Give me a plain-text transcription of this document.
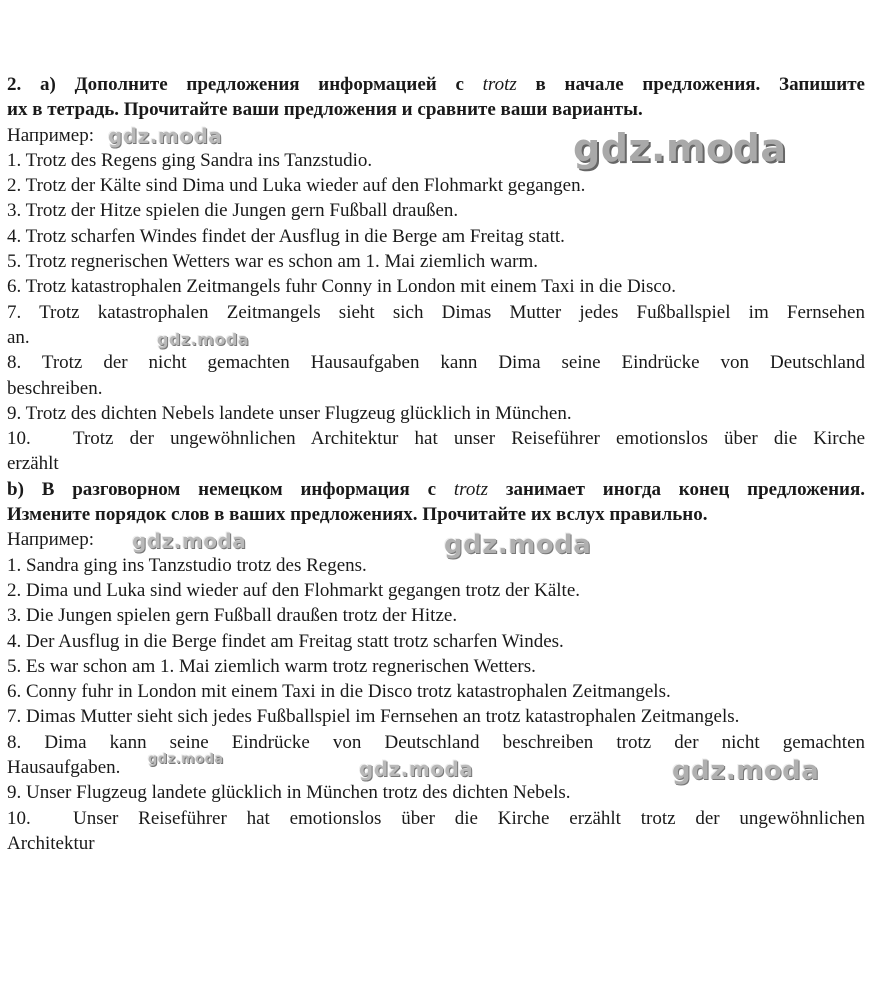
2. а) Дополните предложения информацией с trotz в начале предложения. Запишите
их в тетрадь. Прочитайте ваши предложения и сравните ваши варианты.
Например:
1. Trotz des Regens ging Sandra ins Tanzstudio.
2. Trotz der Kälte sind Dima und Luka wieder auf den Flohmarkt gegangen.
3. Trotz der Hitze spielen die Jungen gern Fußball draußen.
4. Trotz scharfen Windes findet der Ausflug in die Berge am Freitag statt.
5. Trotz regnerischen Wetters war es schon am 1. Mai ziemlich warm.
6. Trotz katastrophalen Zeitmangels fuhr Conny in London mit einem Taxi in die Disco.
7. Trotz katastrophalen Zeitmangels sieht sich Dimas Mutter jedes Fußballspiel im Fernsehen
an.
8. Trotz der nicht gemachten Hausaufgaben kann Dima seine Eindrücke von Deutschland
beschreiben.
9. Trotz des dichten Nebels landete unser Flugzeug glücklich in München.
10. Trotz der ungewöhnlichen Architektur hat unser Reiseführer emotionslos über die Kirche
erzählt
b) В разговорном немецком информация с trotz занимает иногда конец предложения.
Измените порядок слов в ваших предложениях. Прочитайте их вслух правильно.
Например:
1. Sandra ging ins Tanzstudio trotz des Regens.
2. Dima und Luka sind wieder auf den Flohmarkt gegangen trotz der Kälte.
3. Die Jungen spielen gern Fußball draußen trotz der Hitze.
4. Der Ausflug in die Berge findet am Freitag statt trotz scharfen Windes.
5. Es war schon am 1. Mai ziemlich warm trotz regnerischen Wetters.
6. Conny fuhr in London mit einem Taxi in die Disco trotz katastrophalen Zeitmangels.
7. Dimas Mutter sieht sich jedes Fußballspiel im Fernsehen an trotz katastrophalen Zeitmangels.
8. Dima kann seine Eindrücke von Deutschland beschreiben trotz der nicht gemachten
Hausaufgaben.
9. Unser Flugzeug landete glücklich in München trotz des dichten Nebels.
10. Unser Reiseführer hat emotionslos über die Kirche erzählt trotz der ungewöhnlichen
Architektur
gdz.moda	gdz.moda
gdz.moda
gdz.moda	gdz.moda
gdz.moda	gdz.moda	gdz.moda
